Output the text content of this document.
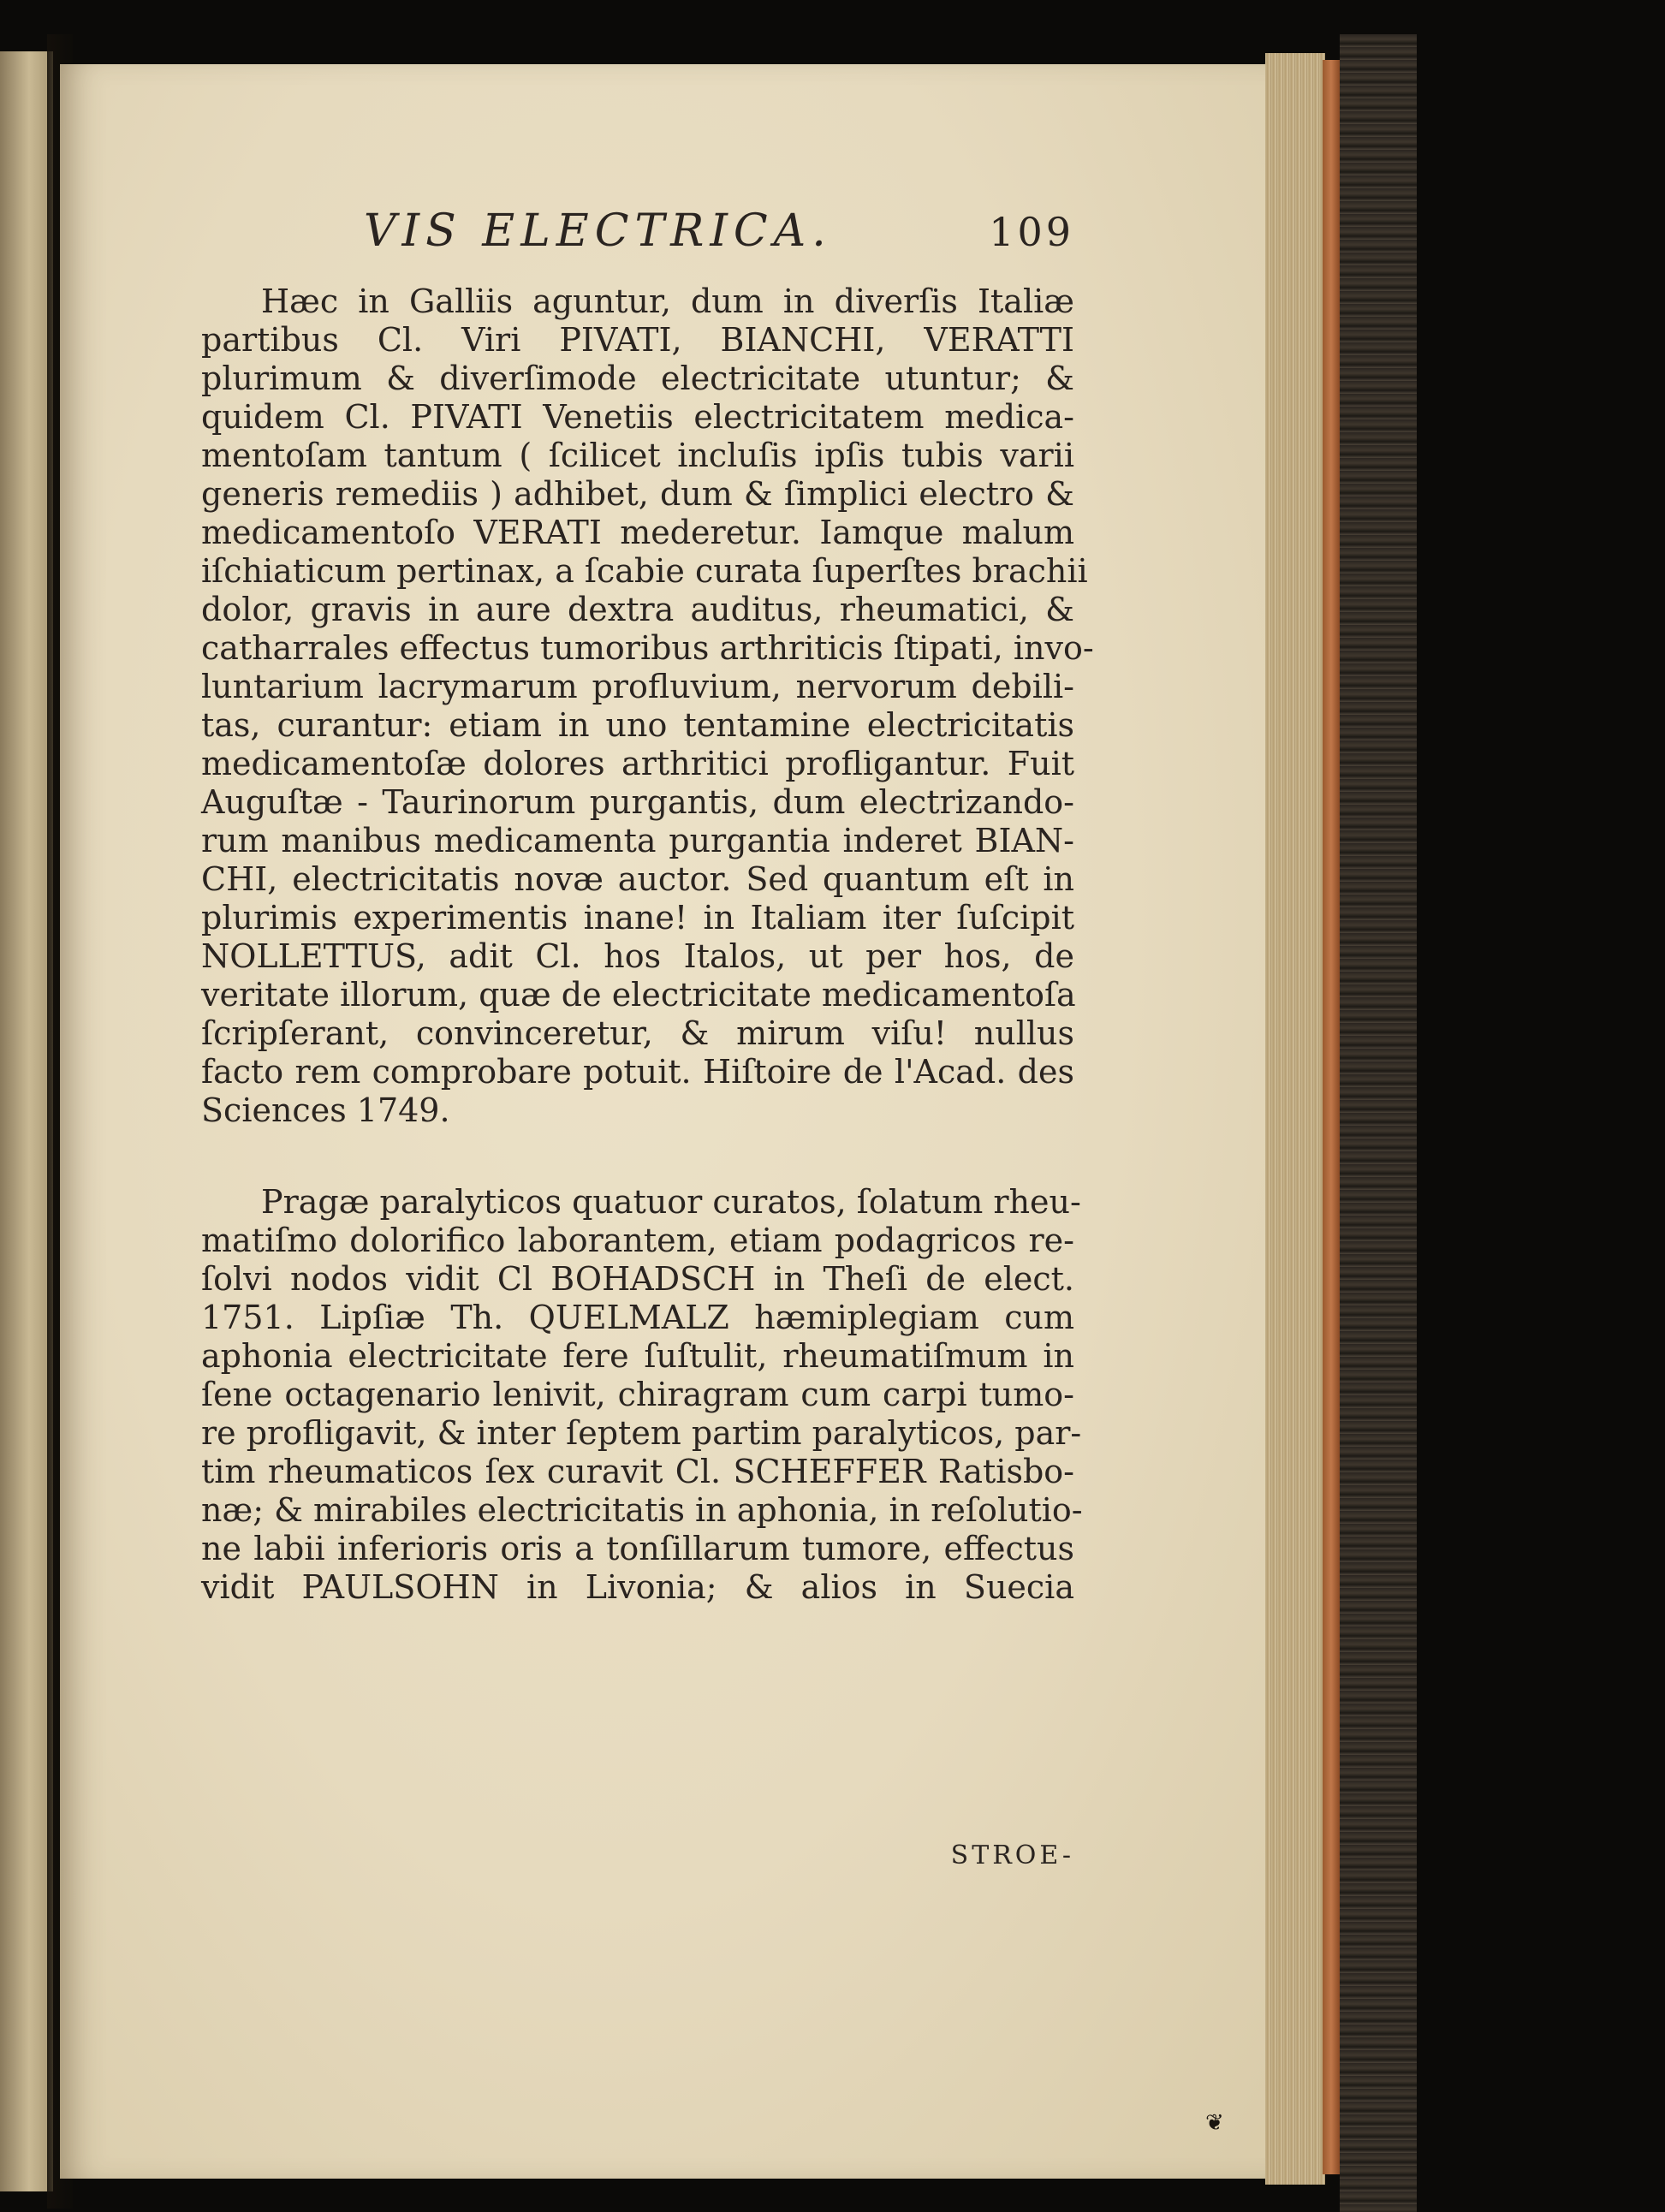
VIS ELECTRICA.	109
Hæc in Galliis aguntur, dum in diverſis Italiæ
partibus Cl. Viri PIVATI, BIANCHI, VERATTI
plurimum & diverſimode electricitate utuntur; &
quidem Cl. PIVATI Venetiis electricitatem medica-
mentoſam tantum ( ſcilicet incluſis ipſis tubis varii
generis remediis ) adhibet, dum & ſimplici electro &
medicamentoſo VERATI mederetur. Iamque malum
iſchiaticum pertinax, a ſcabie curata ſuperſtes brachii
dolor, gravis in aure dextra auditus, rheumatici, &
catharrales effectus tumoribus arthriticis ſtipati, invo-
luntarium lacrymarum profluvium, nervorum debili-
tas, curantur: etiam in uno tentamine electricitatis
medicamentoſæ dolores arthritici profligantur. Fuit
Auguſtæ - Taurinorum purgantis, dum electrizando-
rum manibus medicamenta purgantia inderet BIAN-
CHI, electricitatis novæ auctor. Sed quantum eſt in
plurimis experimentis inane! in Italiam iter ſuſcipit
NOLLETTUS, adit Cl. hos Italos, ut per hos, de
veritate illorum, quæ de electricitate medicamentoſa
ſcripſerant, convinceretur, & mirum viſu! nullus
facto rem comprobare potuit. Hiſtoire de l'Acad. des
Sciences 1749.
Pragæ paralyticos quatuor curatos, ſolatum rheu-
matiſmo dolorifico laborantem, etiam podagricos re-
ſolvi nodos vidit Cl BOHADSCH in Theſi de elect.
1751. Lipſiæ Th. QUELMALZ hæmiplegiam cum
aphonia electricitate fere ſuſtulit, rheumatiſmum in
ſene octagenario lenivit, chiragram cum carpi tumo-
re profligavit, & inter ſeptem partim paralyticos, par-
tim rheumaticos ſex curavit Cl. SCHEFFER Ratisbo-
næ; & mirabiles electricitatis in aphonia, in reſolutio-
ne labii inferioris oris a tonſillarum tumore, effectus
vidit PAULSOHN in Livonia; & alios in Suecia
STROE-
❦
